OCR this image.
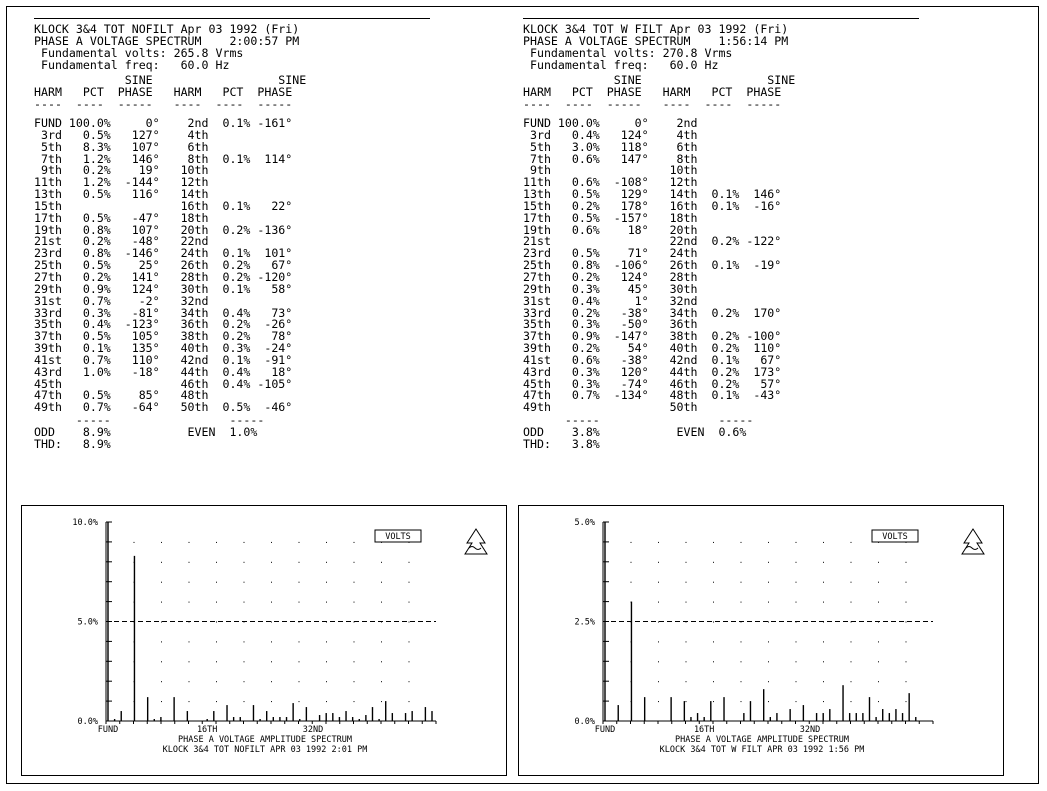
KLOCK 3&4 TOT NOFILT Apr 03 1992 (Fri)
PHASE A VOLTAGE SPECTRUM    2:00:57 PM
Fundamental volts: 265.8 Vrms
Fundamental freq:   60.0 Hz
SINE                  SINE
HARM   PCT  PHASE   HARM   PCT  PHASE
----  ----  -----   ----  ----  -----
FUND 100.0%     0°    2nd  0.1% -161°
3rd   0.5%   127°    4th
5th   8.3%   107°    6th
7th   1.2%   146°    8th  0.1%  114°
9th   0.2%    19°   10th
11th   1.2%  -144°   12th
13th   0.5%   116°   14th
15th                 16th  0.1%   22°
17th   0.5%   -47°   18th
19th   0.8%   107°   20th  0.2% -136°
21st   0.2%   -48°   22nd
23rd   0.8%  -146°   24th  0.1%  101°
25th   0.5%    25°   26th  0.2%   67°
27th   0.2%   141°   28th  0.2% -120°
29th   0.9%   124°   30th  0.1%   58°
31st   0.7%    -2°   32nd
33rd   0.3%   -81°   34th  0.4%   73°
35th   0.4%  -123°   36th  0.2%  -26°
37th   0.5%   105°   38th  0.2%   78°
39th   0.1%   135°   40th  0.3%  -24°
41st   0.7%   110°   42nd  0.1%  -91°
43rd   1.0%   -18°   44th  0.4%   18°
45th                 46th  0.4% -105°
47th   0.5%    85°   48th
49th   0.7%   -64°   50th  0.5%  -46°
-----                 -----
ODD    8.9%           EVEN  1.0%
THD:   8.9%
KLOCK 3&4 TOT W FILT Apr 03 1992 (Fri)
PHASE A VOLTAGE SPECTRUM    1:56:14 PM
Fundamental volts: 270.8 Vrms
Fundamental freq:   60.0 Hz
SINE                  SINE
HARM   PCT  PHASE   HARM   PCT  PHASE
----  ----  -----   ----  ----  -----
FUND 100.0%     0°    2nd
3rd   0.4%   124°    4th
5th   3.0%   118°    6th
7th   0.6%   147°    8th
9th                 10th
11th   0.6%  -108°   12th
13th   0.5%   129°   14th  0.1%  146°
15th   0.2%   178°   16th  0.1%  -16°
17th   0.5%  -157°   18th
19th   0.6%    18°   20th
21st                 22nd  0.2% -122°
23rd   0.5%    71°   24th
25th   0.8%  -106°   26th  0.1%  -19°
27th   0.2%   124°   28th
29th   0.3%    45°   30th
31st   0.4%     1°   32nd
33rd   0.2%   -38°   34th  0.2%  170°
35th   0.3%   -50°   36th
37th   0.9%  -147°   38th  0.2% -100°
39th   0.2%    54°   40th  0.2%  110°
41st   0.6%   -38°   42nd  0.1%   67°
43rd   0.3%   120°   44th  0.2%  173°
45th   0.3%   -74°   46th  0.2%   57°
47th   0.7%  -134°   48th  0.1%  -43°
49th                 50th
-----                 -----
ODD    3.8%           EVEN  0.6%
THD:   3.8%
10.0%
5.0%
0.0%
FUND	16TH	32ND
VOLTS
PHASE A VOLTAGE AMPLITUDE SPECTRUM
KLOCK 3&4 TOT NOFILT APR 03 1992 2:01 PM
5.0%
2.5%
0.0%
FUND	16TH	32ND
VOLTS
PHASE A VOLTAGE AMPLITUDE SPECTRUM
KLOCK 3&4 TOT W FILT APR 03 1992 1:56 PM
